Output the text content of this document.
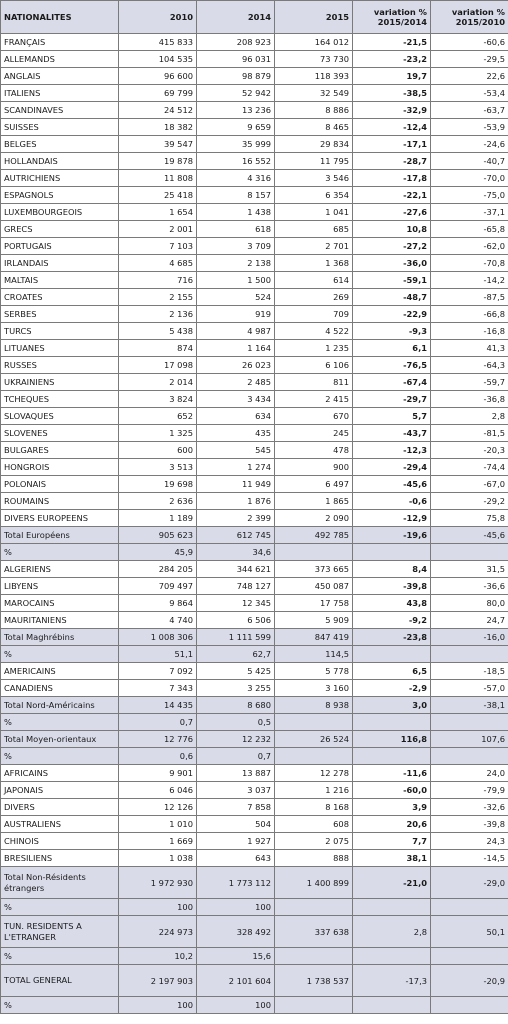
NATIONALITES	2010	2014	2015	variation % 2015/2014	variation % 2015/2010
FRANÇAIS	415 833	208 923	164 012	-21,5	-60,6
ALLEMANDS	104 535	96 031	73 730	-23,2	-29,5
ANGLAIS	96 600	98 879	118 393	19,7	22,6
ITALIENS	69 799	52 942	32 549	-38,5	-53,4
SCANDINAVES	24 512	13 236	8 886	-32,9	-63,7
SUISSES	18 382	9 659	8 465	-12,4	-53,9
BELGES	39 547	35 999	29 834	-17,1	-24,6
HOLLANDAIS	19 878	16 552	11 795	-28,7	-40,7
AUTRICHIENS	11 808	4 316	3 546	-17,8	-70,0
ESPAGNOLS	25 418	8 157	6 354	-22,1	-75,0
LUXEMBOURGEOIS	1 654	1 438	1 041	-27,6	-37,1
GRECS	2 001	618	685	10,8	-65,8
PORTUGAIS	7 103	3 709	2 701	-27,2	-62,0
IRLANDAIS	4 685	2 138	1 368	-36,0	-70,8
MALTAIS	716	1 500	614	-59,1	-14,2
CROATES	2 155	524	269	-48,7	-87,5
SERBES	2 136	919	709	-22,9	-66,8
TURCS	5 438	4 987	4 522	-9,3	-16,8
LITUANES	874	1 164	1 235	6,1	41,3
RUSSES	17 098	26 023	6 106	-76,5	-64,3
UKRAINIENS	2 014	2 485	811	-67,4	-59,7
TCHEQUES	3 824	3 434	2 415	-29,7	-36,8
SLOVAQUES	652	634	670	5,7	2,8
SLOVENES	1 325	435	245	-43,7	-81,5
BULGARES	600	545	478	-12,3	-20,3
HONGROIS	3 513	1 274	900	-29,4	-74,4
POLONAIS	19 698	11 949	6 497	-45,6	-67,0
ROUMAINS	2 636	1 876	1 865	-0,6	-29,2
DIVERS EUROPEENS	1 189	2 399	2 090	-12,9	75,8
Total Européens	905 623	612 745	492 785	-19,6	-45,6
%	45,9	34,6			
ALGERIENS	284 205	344 621	373 665	8,4	31,5
LIBYENS	709 497	748 127	450 087	-39,8	-36,6
MAROCAINS	9 864	12 345	17 758	43,8	80,0
MAURITANIENS	4 740	6 506	5 909	-9,2	24,7
Total Maghrébins	1 008 306	1 111 599	847 419	-23,8	-16,0
%	51,1	62,7	114,5		
AMERICAINS	7 092	5 425	5 778	6,5	-18,5
CANADIENS	7 343	3 255	3 160	-2,9	-57,0
Total Nord-Américains	14 435	8 680	8 938	3,0	-38,1
%	0,7	0,5			
Total Moyen-orientaux	12 776	12 232	26 524	116,8	107,6
%	0,6	0,7			
AFRICAINS	9 901	13 887	12 278	-11,6	24,0
JAPONAIS	6 046	3 037	1 216	-60,0	-79,9
DIVERS	12 126	7 858	8 168	3,9	-32,6
AUSTRALIENS	1 010	504	608	20,6	-39,8
CHINOIS	1 669	1 927	2 075	7,7	24,3
BRESILIENS	1 038	643	888	38,1	-14,5
Total Non-Résidents étrangers	1 972 930	1 773 112	1 400 899	-21,0	-29,0
%	100	100			
TUN. RESIDENTS A L'ETRANGER	224 973	328 492	337 638	2,8	50,1
%	10,2	15,6			
TOTAL GENERAL	2 197 903	2 101 604	1 738 537	-17,3	-20,9
%	100	100			
